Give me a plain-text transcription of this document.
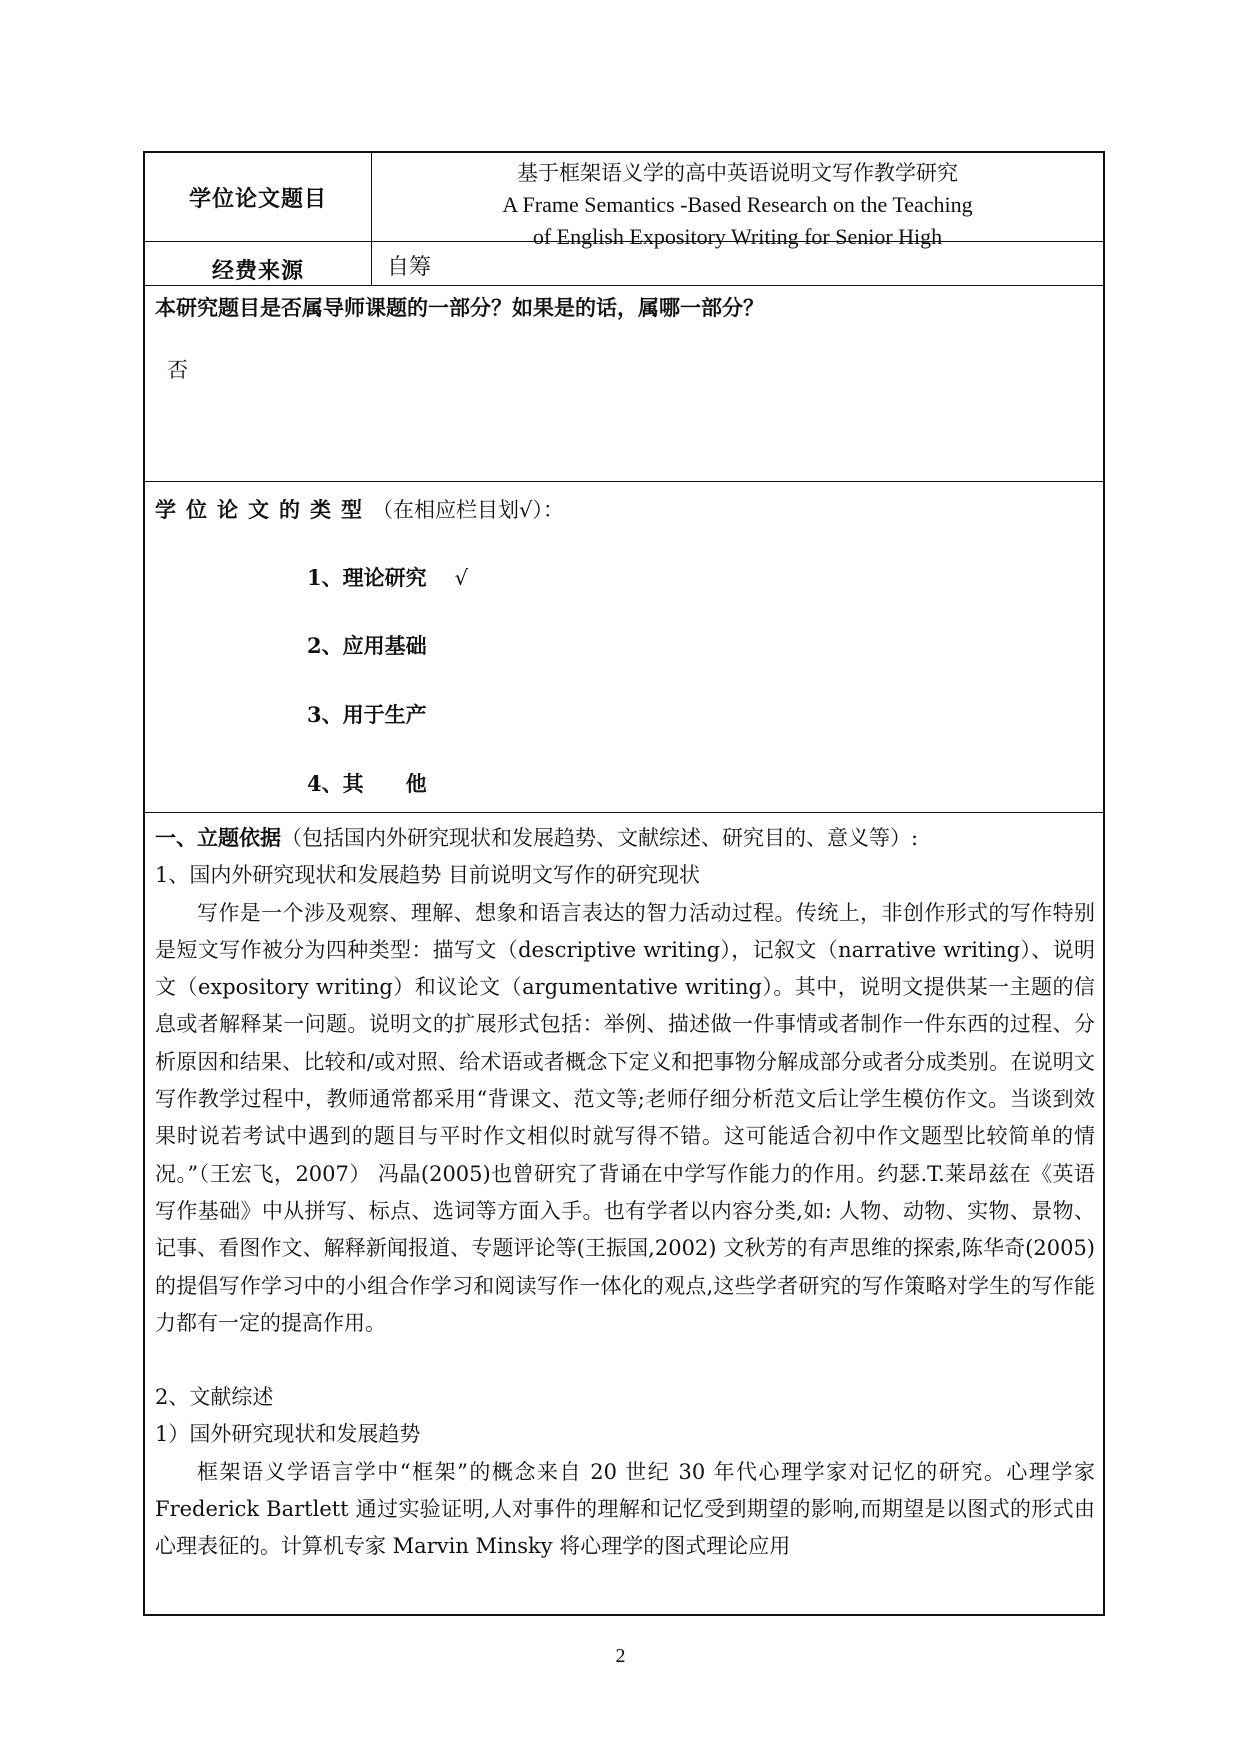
学位论文题目
基于框架语义学的高中英语说明文写作教学研究
A Frame Semantics -Based Research on the Teaching
of English Expository Writing for Senior High
经费来源	自筹
本研究题目是否属导师课题的一部分？如果是的话，属哪一部分？
否
学位论文的类型（在相应栏目划√）：
1、理论研究 √
2、应用基础
3、用于生产
4、其　　他

一、立题依据（包括国内外研究现状和发展趋势、文献综述、研究目的、意义等）:

1、国内外研究现状和发展趋势 目前说明文写作的研究现状

写作是一个涉及观察、理解、想象和语言表达的智力活动过程。传统上，非创作形式的写作特别是短文写作被分为四种类型：描写文（descriptive writing），记叙文（narrative writing）、说明文（expository writing）和议论文（argumentative writing）。其中，说明文提供某一主题的信息或者解释某一问题。说明文的扩展形式包括：举例、描述做一件事情或者制作一件东西的过程、分析原因和结果、比较和/或对照、给术语或者概念下定义和把事物分解成部分或者分成类别。在说明文写作教学过程中，教师通常都采用“背课文、范文等;老师仔细分析范文后让学生模仿作文。当谈到效果时说若考试中遇到的题目与平时作文相似时就写得不错。这可能适合初中作文题型比较简单的情况。”（王宏飞，2007） 冯晶(2005)也曾研究了背诵在中学写作能力的作用。约瑟.T.莱昂兹在《英语写作基础》中从拼写、标点、选词等方面入手。也有学者以内容分类,如: 人物、动物、实物、景物、记事、看图作文、解释新闻报道、专题评论等(王振国,2002) 文秋芳的有声思维的探索,陈华奇(2005)的提倡写作学习中的小组合作学习和阅读写作一体化的观点,这些学者研究的写作策略对学生的写作能力都有一定的提高作用。

2、文献综述

1）国外研究现状和发展趋势

框架语义学语言学中“框架”的概念来自 20 世纪 30 年代心理学家对记忆的研究。心理学家 Frederick Bartlett 通过实验证明,人对事件的理解和记忆受到期望的影响,而期望是以图式的形式由心理表征的。计算机专家 Marvin Minsky 将心理学的图式理论应用

2
